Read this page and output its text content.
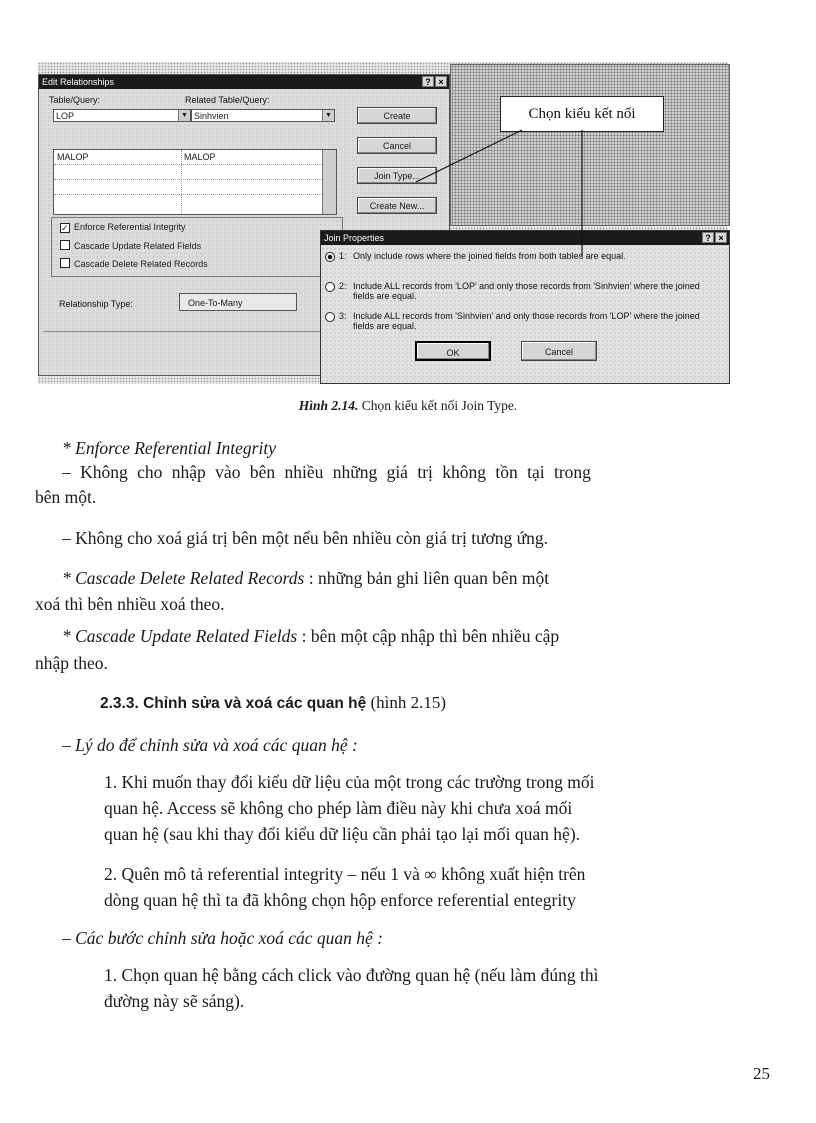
Edit Relationships	? ×
Table/Query:	Related Table/Query:
LOP	▼ Sinhvien	▼
MALOP	MALOP
Create
Cancel
Join Type...
Create New...
✓ Enforce Referential Integrity
Cascade Update Related Fields
Cascade Delete Related Records
Relationship Type:	One-To-Many
Chọn kiểu kết nối
Join Properties	? ×
1: Only include rows where the joined fields from both tables are equal.
2: Include ALL records from 'LOP' and only those records from 'Sinhvien' where the joined fields are equal.
3: Include ALL records from 'Sinhvien' and only those records from 'LOP' where the joined fields are equal.
OK	Cancel
Hình 2.14. Chọn kiểu kết nối Join Type.

* Enforce Referential Integrity

– Không cho nhập vào bên nhiều những giá trị không tồn tại trong

bên một.

– Không cho xoá giá trị bên một nếu bên nhiều còn giá trị tương ứng.

* Cascade Delete Related Records : những bản ghi liên quan bên một

xoá thì bên nhiều xoá theo.

* Cascade Update Related Fields : bên một cập nhập thì bên nhiều cập

nhập theo.

2.3.3. Chỉnh sửa và xoá các quan hệ (hình 2.15)

– Lý do để chỉnh sửa và xoá các quan hệ :

1. Khi muốn thay đổi kiểu dữ liệu của một trong các trường trong mối

quan hệ. Access sẽ không cho phép làm điều này khi chưa xoá mối

quan hệ (sau khi thay đổi kiểu dữ liệu cần phải tạo lại mối quan hệ).

2. Quên mô tả referential integrity – nếu 1 và ∞ không xuất hiện trên

dòng quan hệ thì ta đã không chọn hộp enforce referential entegrity

– Các bước chỉnh sửa hoặc xoá các quan hệ :

1. Chọn quan hệ bằng cách click vào đường quan hệ (nếu làm đúng thì

đường này sẽ sáng).

25
